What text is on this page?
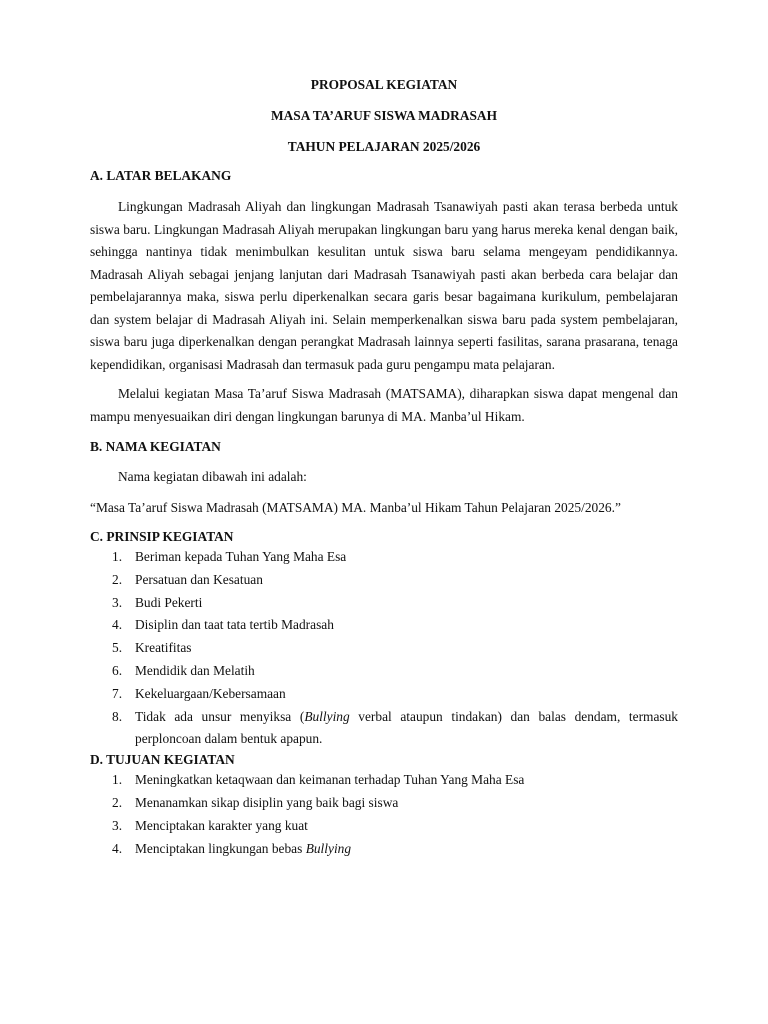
PROPOSAL KEGIATAN
MASA TA’ARUF SISWA MADRASAH
TAHUN PELAJARAN 2025/2026
A. LATAR BELAKANG

Lingkungan Madrasah Aliyah dan lingkungan Madrasah Tsanawiyah pasti akan terasa berbeda untuk siswa baru. Lingkungan Madrasah Aliyah merupakan lingkungan baru yang harus mereka kenal dengan baik, sehingga nantinya tidak menimbulkan kesulitan untuk siswa baru selama mengeyam pendidikannya. Madrasah Aliyah sebagai jenjang lanjutan dari Madrasah Tsanawiyah pasti akan berbeda cara belajar dan pembelajarannya maka, siswa perlu diperkenalkan secara garis besar bagaimana kurikulum, pembelajaran dan system belajar di Madrasah Aliyah ini. Selain memperkenalkan siswa baru pada system pembelajaran, siswa baru juga diperkenalkan dengan perangkat Madrasah lainnya seperti fasilitas, sarana prasarana, tenaga kependidikan, organisasi Madrasah dan termasuk pada guru pengampu mata pelajaran.

Melalui kegiatan Masa Ta’aruf Siswa Madrasah (MATSAMA), diharapkan siswa dapat mengenal dan mampu menyesuaikan diri dengan lingkungan barunya di MA. Manba’ul Hikam.

B. NAMA KEGIATAN

Nama kegiatan dibawah ini adalah:

“Masa Ta’aruf Siswa Madrasah (MATSAMA) MA. Manba’ul Hikam Tahun Pelajaran 2025/2026.”

C. PRINSIP KEGIATAN
1. Beriman kepada Tuhan Yang Maha Esa
2. Persatuan dan Kesatuan
3. Budi Pekerti
4. Disiplin dan taat tata tertib Madrasah
5. Kreatifitas
6. Mendidik dan Melatih
7. Kekeluargaan/Kebersamaan
8. Tidak ada unsur menyiksa (Bullying verbal ataupun tindakan) dan balas dendam, termasuk perploncoan dalam bentuk apapun.
D. TUJUAN KEGIATAN
1. Meningkatkan ketaqwaan dan keimanan terhadap Tuhan Yang Maha Esa
2. Menanamkan sikap disiplin yang baik bagi siswa
3. Menciptakan karakter yang kuat
4. Menciptakan lingkungan bebas Bullying
